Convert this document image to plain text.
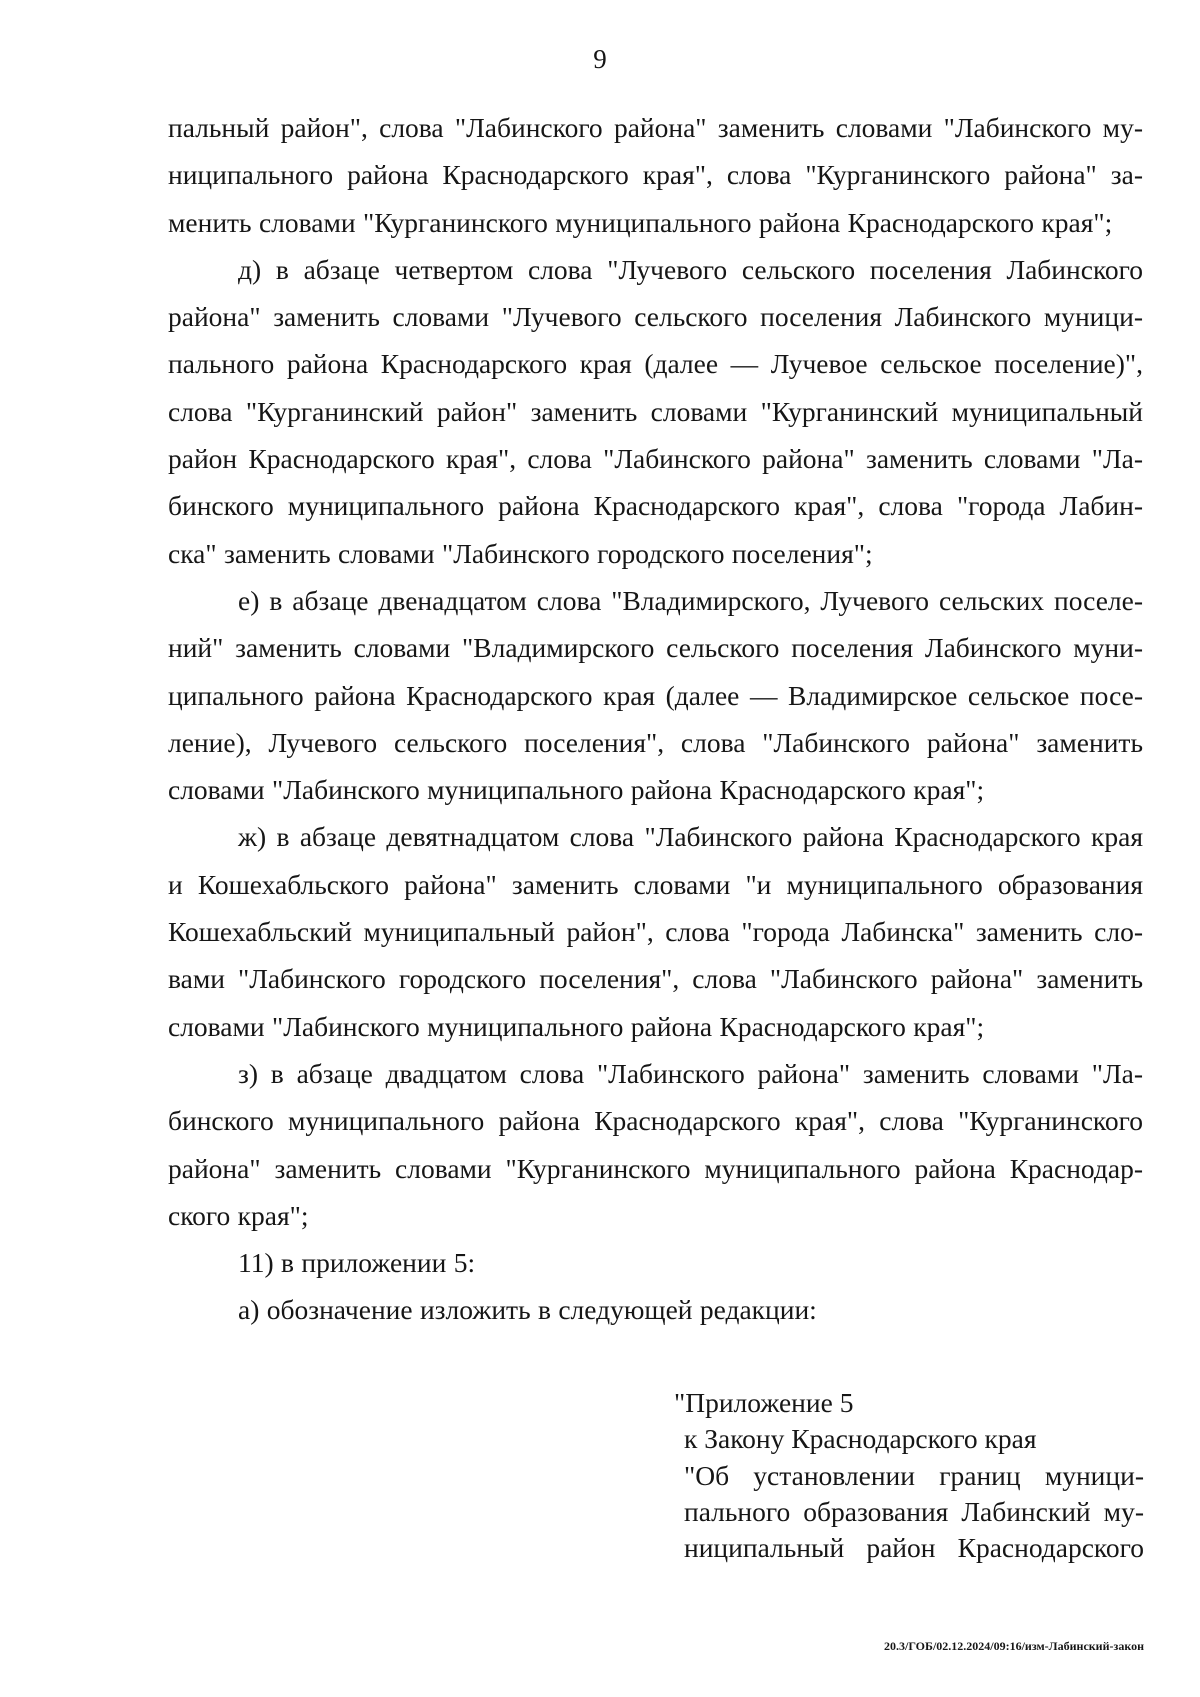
9
пальный район", слова "Лабинского района" заменить словами "Лабинского му-
ниципального района Краснодарского края", слова "Курганинского района" за-
менить словами "Курганинского муниципального района Краснодарского края";
д) в абзаце четвертом слова "Лучевого сельского поселения Лабинского
района" заменить словами "Лучевого сельского поселения Лабинского муници-
пального района Краснодарского края (далее — Лучевое сельское поселение)",
слова "Курганинский район" заменить словами "Курганинский муниципальный
район Краснодарского края", слова "Лабинского района" заменить словами "Ла-
бинского муниципального района Краснодарского края", слова "города Лабин-
ска" заменить словами "Лабинского городского поселения";
е) в абзаце двенадцатом слова "Владимирского, Лучевого сельских поселе-
ний" заменить словами "Владимирского сельского поселения Лабинского муни-
ципального района Краснодарского края (далее — Владимирское сельское посе-
ление), Лучевого сельского поселения", слова "Лабинского района" заменить
словами "Лабинского муниципального района Краснодарского края";
ж) в абзаце девятнадцатом слова "Лабинского района Краснодарского края
и Кошехабльского района" заменить словами "и муниципального образования
Кошехабльский муниципальный район", слова "города Лабинска" заменить сло-
вами "Лабинского городского поселения", слова "Лабинского района" заменить
словами "Лабинского муниципального района Краснодарского края";
з) в абзаце двадцатом слова "Лабинского района" заменить словами "Ла-
бинского муниципального района Краснодарского края", слова "Курганинского
района" заменить словами "Курганинского муниципального района Краснодар-
ского края";
11) в приложении 5:
а) обозначение изложить в следующей редакции:
"Приложение 5
к Закону Краснодарского края
"Об установлении границ муници-
пального образования Лабинский му-
ниципальный район Краснодарского
20.3/ГОБ/02.12.2024/09:16/изм-Лабинский-закон
